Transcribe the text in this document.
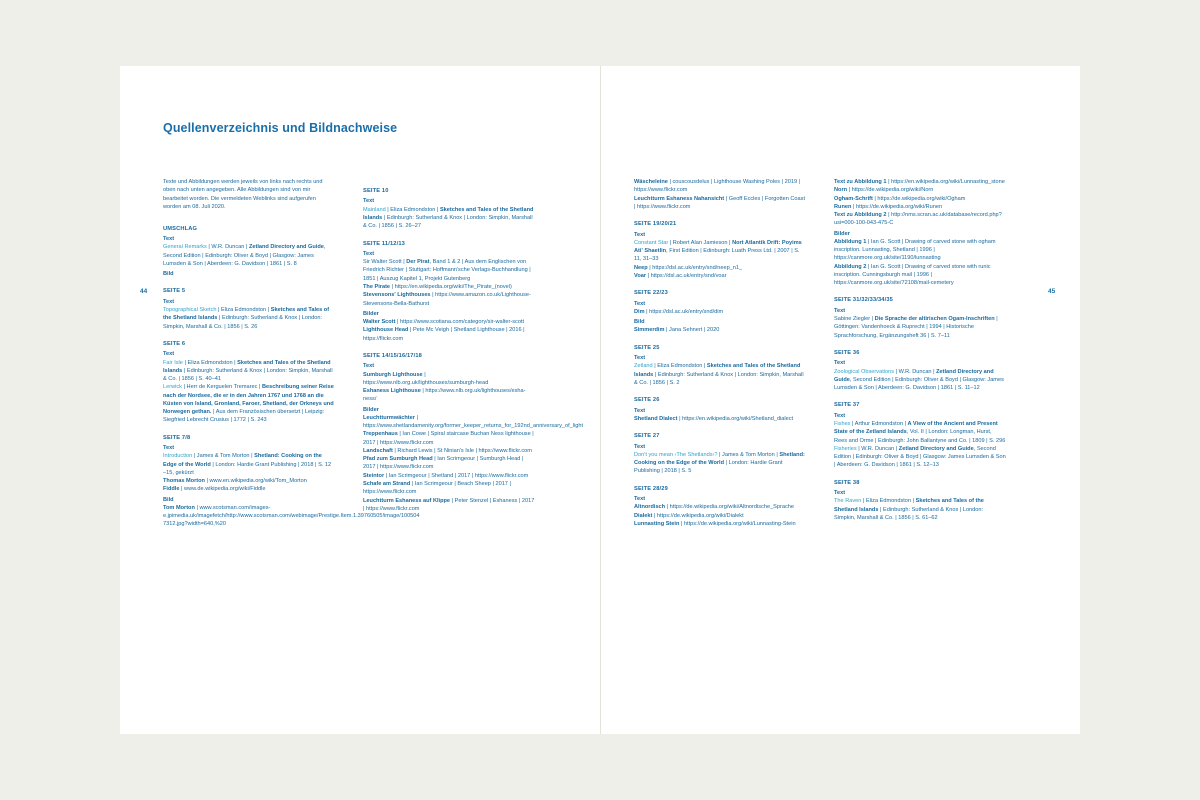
Quellenverzeichnis und Bildnachweise
44
Texte und Abbildungen werden jeweils von links nach rechts und oben nach unten angegeben. Alle Abbildungen sind von mir bearbeitet worden. Die vermeldeten Weblinks sind aufgerufen worden am 08. Juli 2020.
UMSCHLAG
Text
General Remarks | W.R. Duncan | Zetland Directory and Guide, Second Edition | Edinburgh: Oliver & Boyd | Glasgow: James Lumsden & Son | Aberdeen: G. Davidson | 1861 | S. 8
Bild
SEITE 5
Text
Topographical Sketch | Eliza Edmondston | Sketches and Tales of the Shetland Islands | Edinburgh: Sutherland & Knox | London: Simpkin, Marshall & Co. | 1856 | S. 26
SEITE 6
Text
Fair Isle | Eliza Edmondston | Sketches and Tales of the Shetland Islands | Edinburgh: Sutherland & Knox | London: Simpkin, Marshall & Co. | 1856 | S. 40–41
Lerwick | Herr de Kerguelen Tremarec | Beschreibung seiner Reise nach der Nordsee, die er in den Jahren 1767 und 1768 an die Küsten von Island, Gronland, Faroer, Shetland, der Orkneys und Norwegen gethan. | Aus dem Französischen übersetzt | Leipzig: Siegfried Lebrecht Crusius | 1772 | S. 243
SEITE 7/8
Text
Introduction | James & Tom Morton | Shetland: Cooking on the Edge of the World | London: Hardie Grant Publishing | 2018 | S. 12 –15, gekürzt
Thomas Morton | www.en.wikipedia.org/wiki/Tom_Morton
Fiddle | www.de.wikipedia.org/wiki/Fiddle
Bild
Tom Morton | www.scotsman.com/images-e.jpimedia.uk/imagefetch/http://www.scotsman.com/webimage/Prestige.Item.1.39760505!image/100504 7312.jpg?width=640,%20
SEITE 10
Text
Mainland | Eliza Edmondston | Sketches and Tales of the Shetland Islands | Edinburgh: Sutherland & Knox | London: Simpkin, Marshall & Co. | 1856 | S. 26–27
SEITE 11/12/13
Text
Sir Walter Scott | Der Pirat, Band 1 & 2 | Aus dem Englischen von Friedrich Richter | Stuttgart: Hoffmann'sche Verlags-Buchhandlung | 1851 | Auszug Kapitel 1, Projekt Gutenberg
The Pirate | https://en.wikipedia.org/wiki/The_Pirate_(novel)
Stevensons' Lighthouses | https://www.amazon.co.uk/Lighthouse-Stevensons-Bella-Bathurst
Bilder
Walter Scott | https://www.scotiana.com/category/sir-walter-scott
Lighthouse Head | Pete Mc Veigh | Shetland Lighthouse | 2016 | https://flickr.com
SEITE 14/15/16/17/18
Text
Sumburgh Lighthouse | https://www.nlb.org.uk/lighthouses/sumburgh-head
Eshaness Lighthouse | https://www.nlb.org.uk/lighthouses/esha-ness/
Bilder
Leuchtturmwächter | https://www.shetlandamenity.org/former_keeper_returns_for_192nd_anniversary_of_light
Treppenhaus | Ian Cowe | Spiral staircase Buchan Ness lighthouse | 2017 | https://www.flickr.com
Landschaft | Richard Lewis | St Ninian's Isle | https://www.flickr.com
Pfad zum Sumburgh Head | Ian Scrimgeour | Sumburgh Head | 2017 | https://www.flickr.com
Steintor | Ian Scrimgeour | Shetland | 2017 | https://www.flickr.com
Schafe am Strand | Ian Scrimgeour | Beach Sheep | 2017 | https://www.flickr.com
Leuchtturm Eshaness auf Klippe | Peter Stenzel | Eshaness | 2017 | https://www.flickr.com
45
Wäscheleine | couscousdelux | Lighthouse Washing Poles | 2019 | https://www.flickr.com
Leuchtturm Eshaness Nahansicht | Geoff Eccles | Forgotten Coast | https://www.flickr.com
SEITE 19/20/21
Text
Constant Star | Robert Alan Jamieson | Nort Atlantik Drift: Poyims Ati' Shaetlin, First Edition | Edinburgh: Luath Press Ltd. | 2007 | S. 11, 31–33
Neep | https://dsl.ac.uk/entry/snd/neep_n1_
Voar | https://dsl.ac.uk/entry/snd/voar
SEITE 22/23
Text
Dim | https://dsl.ac.uk/entry/snd/dim
Bild
Simmerdim | Jana Sehnert | 2020
SEITE 25
Text
Zetland | Eliza Edmondston | Sketches and Tales of the Shetland Islands | Edinburgh: Sutherland & Knox | London: Simpkin, Marshall & Co. | 1856 | S. 2
SEITE 26
Text
Shetland Dialect | https://en.wikipedia.org/wiki/Shetland_dialect
SEITE 27
Text
Don't you mean ›The Shetlands‹? | James & Tom Morton | Shetland: Cooking on the Edge of the World | London: Hardie Grant Publishing | 2018 | S. 5
SEITE 28/29
Text
Altnordisch | https://de.wikipedia.org/wiki/Altnordische_Sprache
Dialekt | https://de.wikipedia.org/wiki/Dialekt
Lunnasting Stein | https://de.wikipedia.org/wiki/Lunnasting-Stein
Text zu Abbildung 1 | https://en.wikipedia.org/wiki/Lunnasting_stone
Norn | https://de.wikipedia.org/wiki/Norn
Ogham-Schrift | https://de.wikipedia.org/wiki/Ogham
Runen | https://de.wikipedia.org/wiki/Runen
Text zu Abbildung 2 | http://nms.scran.ac.uk/database/record.php?usi=000-100-043-475-C
Bilder
Abbildung 1 | Ian G. Scott | Drawing of carved stone with ogham inscription. Lunnasting, Shetland | 1996 | https://canmore.org.uk/site/1190/lunnasting
Abbildung 2 | Ian G. Scott | Drawing of carved stone with runic inscription. Cunningsburgh mail | 1996 | https://canmore.org.uk/site/72108/mail-cemetery
SEITE 31/32/33/34/35
Text
Sabine Ziegler | Die Sprache der altirischen Ogam-Inschriften | Göttingen: Vandenhoeck & Ruprecht | 1994 | Historische Sprachforschung, Ergänzungsheft 36 | S. 7–11
SEITE 36
Text
Zoological Observations | W.R. Duncan | Zetland Directory and Guide, Second Edition | Edinburgh: Oliver & Boyd | Glasgow: James Lumsden & Son | Aberdeen: G. Davidson | 1861 | S. 11–12
SEITE 37
Text
Fishes | Arthur Edmondston | A View of the Ancient and Present State of the Zetland Islands, Vol. II | London: Longman, Hurst, Rees and Orme | Edinburgh: John Ballantyne and Co. | 1809 | S. 296
Fisheries | W.R. Duncan | Zetland Directory and Guide, Second Edition | Edinburgh: Oliver & Boyd | Glasgow: James Lumsden & Son | Aberdeen: G. Davidson | 1861 | S. 12–13
SEITE 38
Text
The Raven | Eliza Edmondston | Sketches and Tales of the Shetland Islands | Edinburgh: Sutherland & Knox | London: Simpkin, Marshall & Co. | 1856 | S. 61–62
